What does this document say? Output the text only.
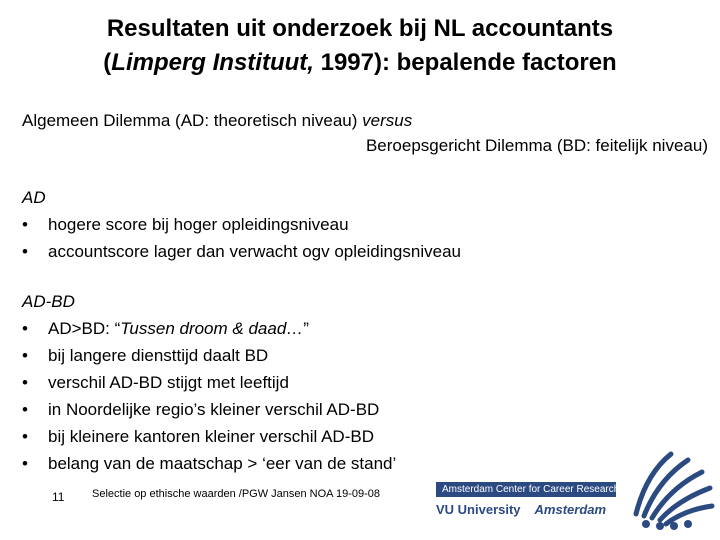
Resultaten uit onderzoek bij NL accountants
(Limperg Instituut, 1997): bepalende factoren
Algemeen Dilemma (AD: theoretisch niveau) versus
Beroepsgericht Dilemma (BD: feitelijk niveau)
AD
• hogere score bij hoger opleidingsniveau
• accountscore lager dan verwacht ogv opleidingsniveau
AD-BD
• AD>BD: “Tussen droom & daad…”
• bij langere diensttijd daalt BD
• verschil AD-BD stijgt met leeftijd
• in Noordelijke regio’s kleiner verschil AD-BD
• bij kleinere kantoren kleiner verschil AD-BD
• belang van de maatschap > ‘eer van de stand’
11	Selectie op ethische waarden /PGW Jansen NOA 19-09-08	Amsterdam Center for Career Research
VU University Amsterdam
